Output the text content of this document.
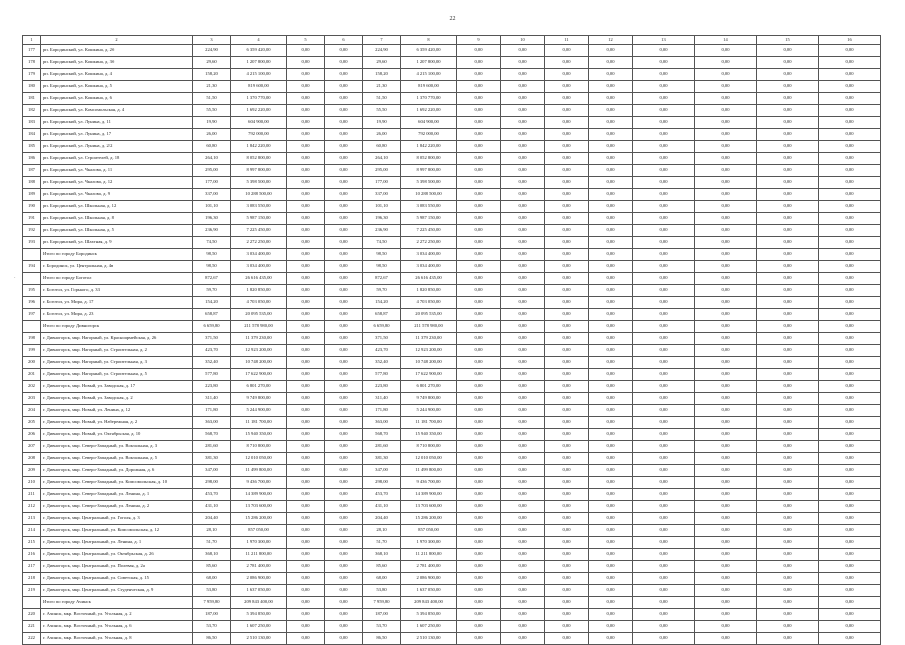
22
·
1	2	3	4	5	6	7	8	9	10	11	12	13	14	15	16
177	рп. Бородинский, ул. Кошкина, д. 2б	224,90	6 359 420,00	0,00	0,00	224,90	6 359 420,00	0,00	0,00	0,00	0,00	0,00	0,00	0,00	0,00
178	рп. Бородинский, ул. Кошкина, д. 3б	29,60	1 207 800,00	0,00	0,00	29,60	1 207 800,00	0,00	0,00	0,00	0,00	0,00	0,00	0,00	0,00
179	рп. Бородинский, ул. Кошкина, д. 4	158,20	4 215 100,00	0,00	0,00	158,20	4 215 100,00	0,00	0,00	0,00	0,00	0,00	0,00	0,00	0,00
180	рп. Бородинский, ул. Кошкина, д. 5	21,30	819 600,00	0,00	0,00	21,30	819 600,00	0,00	0,00	0,00	0,00	0,00	0,00	0,00	0,00
181	рп. Бородинский, ул. Кошкина, д. 6	51,50	1 370 770,00	0,00	0,00	51,50	1 370 770,00	0,00	0,00	0,00	0,00	0,00	0,00	0,00	0,00
182	рп. Бородинский, ул. Комсомольская, д. 4	55,50	1 692 220,00	0,00	0,00	55,50	1 692 220,00	0,00	0,00	0,00	0,00	0,00	0,00	0,00	0,00
183	рп. Бородинский, ул. Лунина, д. 11	19,90	604 900,00	0,00	0,00	19,90	604 900,00	0,00	0,00	0,00	0,00	0,00	0,00	0,00	0,00
184	рп. Бородинский, ул. Лунина, д. 17	26,00	792 000,00	0,00	0,00	26,00	792 000,00	0,00	0,00	0,00	0,00	0,00	0,00	0,00	0,00
185	рп. Бородинский, ул. Лунина, д. 2/2	60,80	1 842 220,00	0,00	0,00	60,80	1 842 220,00	0,00	0,00	0,00	0,00	0,00	0,00	0,00	0,00
186	рп. Бородинский, ул. Строителей, д. 18	264,10	8 052 800,00	0,00	0,00	264,10	8 052 800,00	0,00	0,00	0,00	0,00	0,00	0,00	0,00	0,00
187	рп. Бородинский, ул. Чкалова, д. 11	295,00	8 997 800,00	0,00	0,00	295,00	8 997 800,00	0,00	0,00	0,00	0,00	0,00	0,00	0,00	0,00
188	рп. Бородинский, ул. Чкалова, д. 12	177,00	5 398 500,00	0,00	0,00	177,00	5 398 500,00	0,00	0,00	0,00	0,00	0,00	0,00	0,00	0,00
189	рп. Бородинский, ул. Чкалова, д. 9	337,00	10 288 500,00	0,00	0,00	337,00	10 288 500,00	0,00	0,00	0,00	0,00	0,00	0,00	0,00	0,00
190	рп. Бородинский, ул. Школьная, д. 12	101,10	3 083 550,00	0,00	0,00	101,10	3 083 550,00	0,00	0,00	0,00	0,00	0,00	0,00	0,00	0,00
191	рп. Бородинский, ул. Школьная, д. 8	196,30	5 987 150,00	0,00	0,00	196,30	5 987 150,00	0,00	0,00	0,00	0,00	0,00	0,00	0,00	0,00
192	рп. Бородинский, ул. Школьная, д. 5	236,90	7 225 450,00	0,00	0,00	236,90	7 225 450,00	0,00	0,00	0,00	0,00	0,00	0,00	0,00	0,00
193	рп. Бородинский, ул. Шахтная, д. 9	74,50	2 272 250,00	0,00	0,00	74,50	2 272 250,00	0,00	0,00	0,00	0,00	0,00	0,00	0,00	0,00
	Итого по городу Бородинск	98,50	3 034 400,00	0,00	0,00	98,50	3 034 400,00	0,00	0,00	0,00	0,00	0,00	0,00	0,00	0,00
194	г. Бородинск, ул. Центральная, д. 4в	98,50	3 034 400,00	0,00	0,00	98,50	3 034 400,00	0,00	0,00	0,00	0,00	0,00	0,00	0,00	0,00
	Итого по городу Боготол	872,67	26 616 435,00	0,00	0,00	872,67	26 616 435,00	0,00	0,00	0,00	0,00	0,00	0,00	0,00	0,00
195	г. Боготол, ул. Горького, д. 33	59,70	1 820 850,00	0,00	0,00	59,70	1 820 850,00	0,00	0,00	0,00	0,00	0,00	0,00	0,00	0,00
196	г. Боготол, ул. Мира, д. 17	154,20	4 703 050,00	0,00	0,00	154,20	4 703 050,00	0,00	0,00	0,00	0,00	0,00	0,00	0,00	0,00
197	г. Боготол, ул. Мира, д. 23	658,87	20 095 535,00	0,00	0,00	658,87	20 095 535,00	0,00	0,00	0,00	0,00	0,00	0,00	0,00	0,00
	Итого по городу Дивногорск	6 659,80	211 578 980,00	0,00	0,00	6 659,80	211 578 980,00	0,00	0,00	0,00	0,00	0,00	0,00	0,00	0,00
198	г. Дивногорск, мкр. Нагорный, ул. Красноармейская, д. 26	371,50	11 379 230,00	0,00	0,00	371,50	11 379 230,00	0,00	0,00	0,00	0,00	0,00	0,00	0,00	0,00
199	г. Дивногорск, мкр. Нагорный, ул. Строительная, д. 2	423,70	12 923 200,00	0,00	0,00	423,70	12 923 200,00	0,00	0,00	0,00	0,00	0,00	0,00	0,00	0,00
200	г. Дивногорск, мкр. Нагорный, ул. Строительная, д. 3	352,40	10 748 200,00	0,00	0,00	352,40	10 748 200,00	0,00	0,00	0,00	0,00	0,00	0,00	0,00	0,00
201	г. Дивногорск, мкр. Нагорный, ул. Строительная, д. 5	577,80	17 622 900,00	0,00	0,00	577,80	17 622 900,00	0,00	0,00	0,00	0,00	0,00	0,00	0,00	0,00
202	г. Дивногорск, мкр. Новый, ул. Заводская, д. 17	223,80	6 801 270,00	0,00	0,00	223,80	6 801 270,00	0,00	0,00	0,00	0,00	0,00	0,00	0,00	0,00
203	г. Дивногорск, мкр. Новый, ул. Заводская, д. 2	311,40	9 749 800,00	0,00	0,00	311,40	9 749 800,00	0,00	0,00	0,00	0,00	0,00	0,00	0,00	0,00
204	г. Дивногорск, мкр. Новый, ул. Ленина, д. 12	171,80	5 244 900,00	0,00	0,00	171,80	5 244 900,00	0,00	0,00	0,00	0,00	0,00	0,00	0,00	0,00
205	г. Дивногорск, мкр. Новый, ул. Набережная, д. 2	363,00	11 181 700,00	0,00	0,00	363,00	11 181 700,00	0,00	0,00	0,00	0,00	0,00	0,00	0,00	0,00
206	г. Дивногорск, мкр. Новый, ул. Октябрьская, д. 10	568,70	15 940 350,00	0,00	0,00	568,70	15 940 350,00	0,00	0,00	0,00	0,00	0,00	0,00	0,00	0,00
207	г. Дивногорск, мкр. Северо-Западный, ул. Вокзальная, д. 3	281,60	8 710 800,00	0,00	0,00	281,60	8 710 800,00	0,00	0,00	0,00	0,00	0,00	0,00	0,00	0,00
208	г. Дивногорск, мкр. Северо-Западный, ул. Вокзальная, д. 5	381,30	12 010 050,00	0,00	0,00	381,30	12 010 050,00	0,00	0,00	0,00	0,00	0,00	0,00	0,00	0,00
209	г. Дивногорск, мкр. Северо-Западный, ул. Дорожная, д. 6	347,00	11 499 800,00	0,00	0,00	347,00	11 499 800,00	0,00	0,00	0,00	0,00	0,00	0,00	0,00	0,00
210	г. Дивногорск, мкр. Северо-Западный, ул. Комсомольская, д. 10	298,00	9 436 700,00	0,00	0,00	298,00	9 436 700,00	0,00	0,00	0,00	0,00	0,00	0,00	0,00	0,00
211	г. Дивногорск, мкр. Северо-Западный, ул. Ленина, д. 1	453,70	14 389 900,00	0,00	0,00	453,70	14 389 900,00	0,00	0,00	0,00	0,00	0,00	0,00	0,00	0,00
212	г. Дивногорск, мкр. Северо-Западный, ул. Ленина, д. 2	431,10	13 703 600,00	0,00	0,00	431,10	13 703 600,00	0,00	0,00	0,00	0,00	0,00	0,00	0,00	0,00
213	г. Дивногорск, мкр. Центральный, ул. Гоголя, д. 3	204,40	15 286 200,00	0,00	0,00	204,40	15 286 200,00	0,00	0,00	0,00	0,00	0,00	0,00	0,00	0,00
214	г. Дивногорск, мкр. Центральный, ул. Комсомольская, д. 12	28,10	857 050,00	0,00	0,00	28,10	857 050,00	0,00	0,00	0,00	0,00	0,00	0,00	0,00	0,00
215	г. Дивногорск, мкр. Центральный, ул. Ленина, д. 1	51,70	1 970 300,00	0,00	0,00	51,70	1 970 300,00	0,00	0,00	0,00	0,00	0,00	0,00	0,00	0,00
216	г. Дивногорск, мкр. Центральный, ул. Октябрьская, д. 26	368,10	11 211 800,00	0,00	0,00	368,10	11 211 800,00	0,00	0,00	0,00	0,00	0,00	0,00	0,00	0,00
217	г. Дивногорск, мкр. Центральный, ул. Полевая, д. 2а	85,60	2 781 400,00	0,00	0,00	85,60	2 781 400,00	0,00	0,00	0,00	0,00	0,00	0,00	0,00	0,00
218	г. Дивногорск, мкр. Центральный, ул. Советская, д. 15	68,00	2 086 900,00	0,00	0,00	68,00	2 086 900,00	0,00	0,00	0,00	0,00	0,00	0,00	0,00	0,00
219	г. Дивногорск, мкр. Центральный, ул. Студенческая, д. 9	53,80	1 637 050,00	0,00	0,00	53,80	1 637 050,00	0,00	0,00	0,00	0,00	0,00	0,00	0,00	0,00
	Итого по городу Ачинск	7 959,80	209 843 400,00	0,00	0,00	7 959,80	209 843 400,00	0,00	0,00	0,00	0,00	0,00	0,00	0,00	0,00
220	г. Ачинск, мкр. Восточный, ул. Угольная, д. 2	187,00	5 394 850,00	0,00	0,00	187,00	5 394 850,00	0,00	0,00	0,00	0,00	0,00	0,00	0,00	0,00
221	г. Ачинск, мкр. Восточный, ул. Угольная, д. 6	53,70	1 607 250,00	0,00	0,00	53,70	1 607 250,00	0,00	0,00	0,00	0,00	0,00	0,00	0,00	0,00
222	г. Ачинск, мкр. Восточный, ул. Угольная, д. 8	86,50	2 510 130,00	0,00	0,00	86,50	2 510 130,00	0,00	0,00	0,00	0,00	0,00	0,00	0,00	0,00
